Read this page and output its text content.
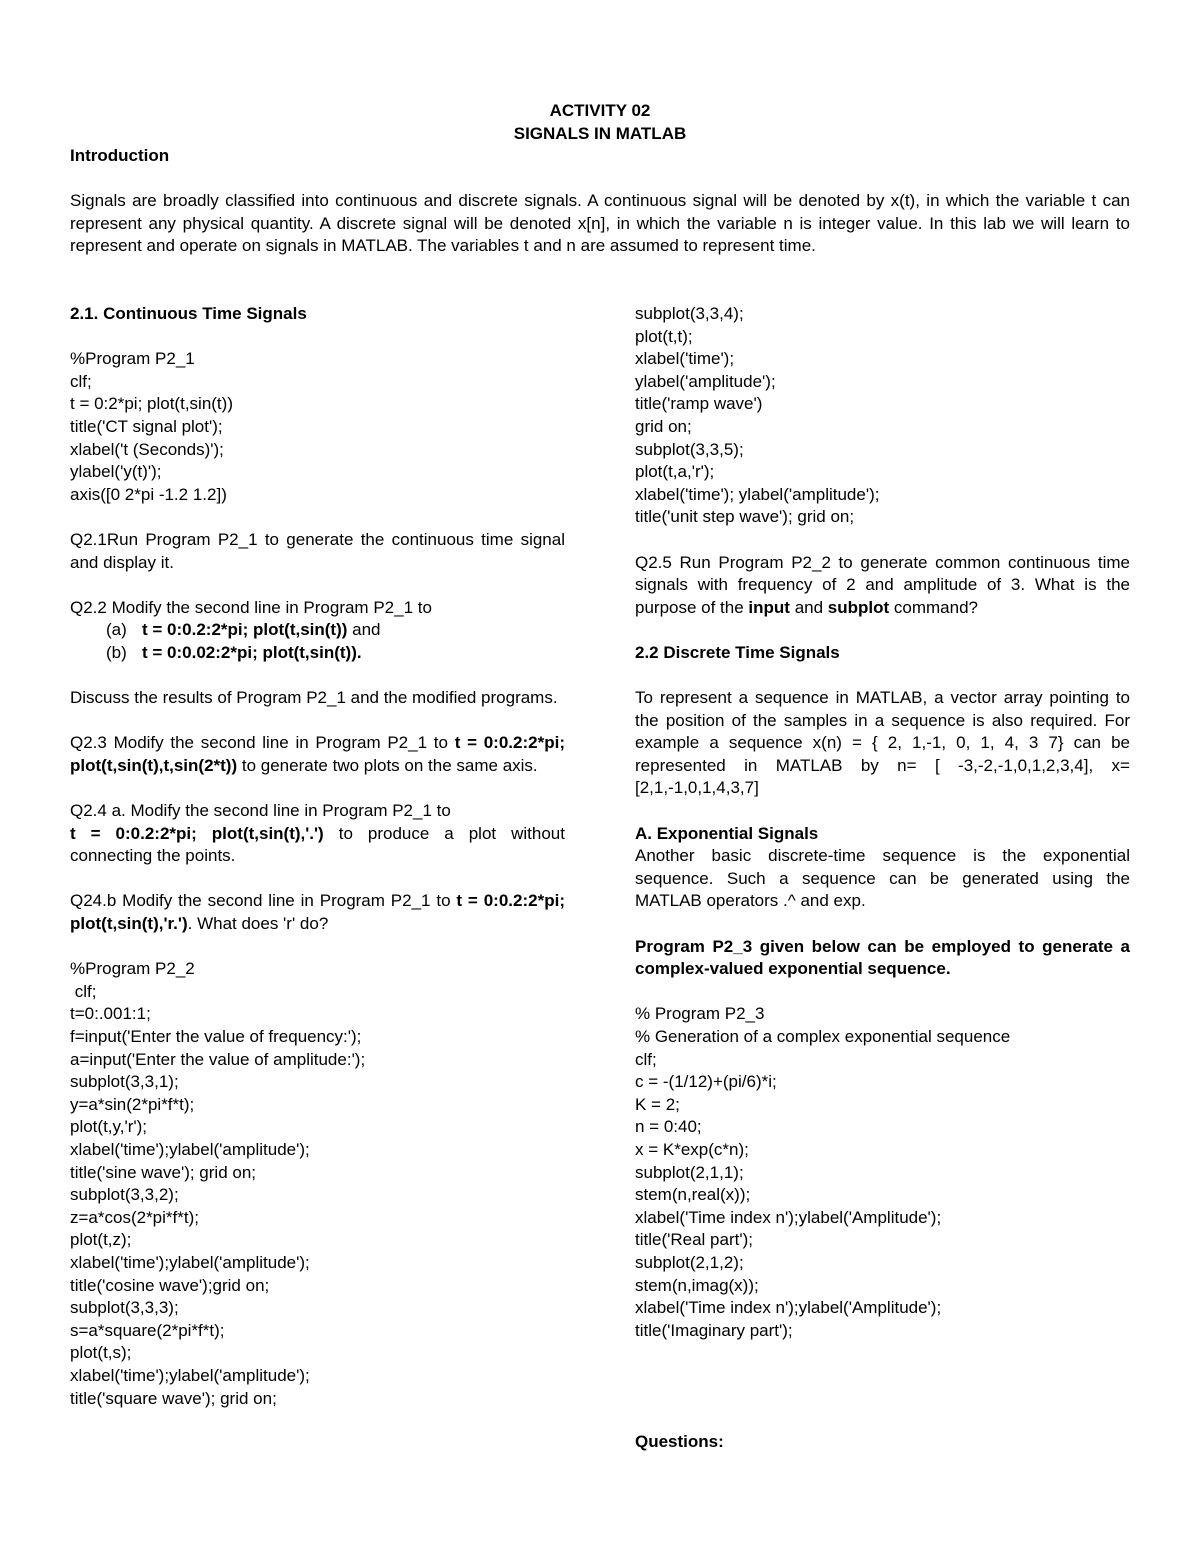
ACTIVITY 02
SIGNALS IN MATLAB
Introduction
Signals are broadly classified into continuous and discrete signals. A continuous signal will be denoted by x(t), in which the variable t can represent any physical quantity. A discrete signal will be denoted x[n], in which the variable n is integer value. In this lab we will learn to represent and operate on signals in MATLAB. The variables t and n are assumed to represent time.
2.1. Continuous Time Signals
%Program P2_1
clf;
t = 0:2*pi; plot(t,sin(t))
title('CT signal plot');
xlabel('t (Seconds)');
ylabel('y(t)');
axis([0 2*pi -1.2 1.2])
Q2.1Run Program P2_1 to generate the continuous time signal and display it.
Q2.2 Modify the second line in Program P2_1 to
(a) t = 0:0.2:2*pi; plot(t,sin(t)) and
(b) t = 0:0.02:2*pi; plot(t,sin(t)).
Discuss the results of Program P2_1 and the modified programs.
Q2.3 Modify the second line in Program P2_1 to t = 0:0.2:2*pi; plot(t,sin(t),t,sin(2*t)) to generate two plots on the same axis.
Q2.4 a. Modify the second line in Program P2_1 to
t = 0:0.2:2*pi; plot(t,sin(t),'.') to produce a plot without connecting the points.
Q24.b Modify the second line in Program P2_1 to t = 0:0.2:2*pi; plot(t,sin(t),'r.'). What does 'r' do?
%Program P2_2
clf;
t=0:.001:1;
f=input('Enter the value of frequency:');
a=input('Enter the value of amplitude:');
subplot(3,3,1);
y=a*sin(2*pi*f*t);
plot(t,y,'r');
xlabel('time');ylabel('amplitude');
title('sine wave'); grid on;
subplot(3,3,2);
z=a*cos(2*pi*f*t);
plot(t,z);
xlabel('time');ylabel('amplitude');
title('cosine wave');grid on;
subplot(3,3,3);
s=a*square(2*pi*f*t);
plot(t,s);
xlabel('time');ylabel('amplitude');
title('square wave'); grid on;
subplot(3,3,4);
plot(t,t);
xlabel('time');
ylabel('amplitude');
title('ramp wave')
grid on;
subplot(3,3,5);
plot(t,a,'r');
xlabel('time'); ylabel('amplitude');
title('unit step wave'); grid on;
Q2.5 Run Program P2_2 to generate common continuous time signals with frequency of 2 and amplitude of 3. What is the purpose of the input and subplot command?
2.2 Discrete Time Signals
To represent a sequence in MATLAB, a vector array pointing to the position of the samples in a sequence is also required. For example a sequence x(n) = { 2, 1,-1, 0, 1, 4, 3 7} can be represented in MATLAB by n= [ -3,-2,-1,0,1,2,3,4], x=[2,1,-1,0,1,4,3,7]
A. Exponential Signals
Another basic discrete-time sequence is the exponential sequence. Such a sequence can be generated using the MATLAB operators .^ and exp.
Program P2_3 given below can be employed to generate a complex-valued exponential sequence.
% Program P2_3
% Generation of a complex exponential sequence
clf;
c = -(1/12)+(pi/6)*i;
K = 2;
n = 0:40;
x = K*exp(c*n);
subplot(2,1,1);
stem(n,real(x));
xlabel('Time index n');ylabel('Amplitude');
title('Real part');
subplot(2,1,2);
stem(n,imag(x));
xlabel('Time index n');ylabel('Amplitude');
title('Imaginary part');
Questions:
